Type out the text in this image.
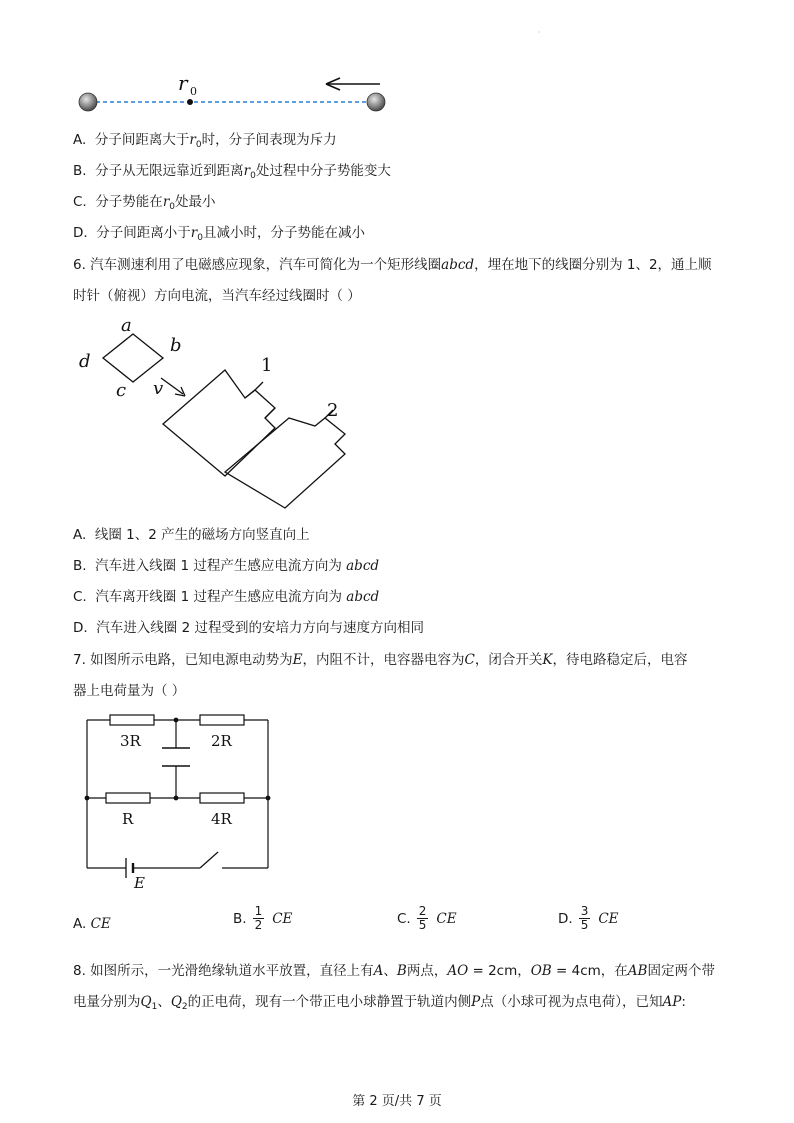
·
r 0
A. 分子间距离大于$r_0$时，分子间表现为斥力
B. 分子从无限远靠近到距离$r_0$处过程中分子势能变大
C. 分子势能在$r_0$处最小
D. 分子间距离小于$r_0$且减小时，分子势能在减小
6. 汽车测速利用了电磁感应现象，汽车可简化为一个矩形线圈abcd，埋在地下的线圈分别为 1、2，通上顺
时针（俯视）方向电流，当汽车经过线圈时（ ）
a
b
c
d
v
1
2
A. 线圈 1、2 产生的磁场方向竖直向上
B. 汽车进入线圈 1 过程产生感应电流方向为 abcd
C. 汽车离开线圈 1 过程产生感应电流方向为 abcd
D. 汽车进入线圈 2 过程受到的安培力方向与速度方向相同
7. 如图所示电路，已知电源电动势为E，内阻不计，电容器电容为C，闭合开关K，待电路稳定后，电容
器上电荷量为（ ）
3R	2R
R	4R
E
A. CE	B. $\frac{1}{2}$ CE	C. $\frac{2}{5}$ CE	D. $\frac{3}{5}$ CE
8. 如图所示，一光滑绝缘轨道水平放置，直径上有A、B两点，AO = 2cm，OB = 4cm，在AB固定两个带
电量分别为$Q_1$、$Q_2$的正电荷，现有一个带正电小球静置于轨道内侧P点（小球可视为点电荷），已知AP:
第 2 页/共 7 页
